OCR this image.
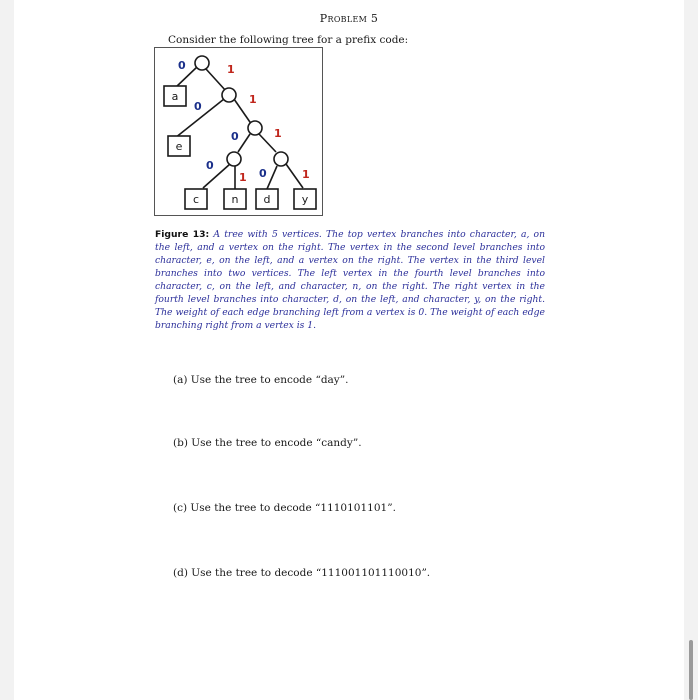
Problem 5
Consider the following tree for a prefix code:
a
e
c	n d	y
0	1
0
1
0	1
0
1 0	1
Figure 13: A tree with 5 vertices. The top vertex branches into character, a, on the left, and a vertex on the right. The vertex in the second level branches into character, e, on the left, and a vertex on the right. The vertex in the third level branches into two vertices. The left vertex in the fourth level branches into character, c, on the left, and character, n, on the right. The right vertex in the fourth level branches into character, d, on the left, and character, y, on the right. The weight of each edge branching left from a vertex is 0. The weight of each edge branching right from a vertex is 1.
(a) Use the tree to encode “day”.
(b) Use the tree to encode “candy”.
(c) Use the tree to decode “1110101101”.
(d) Use the tree to decode “111001101110010”.
